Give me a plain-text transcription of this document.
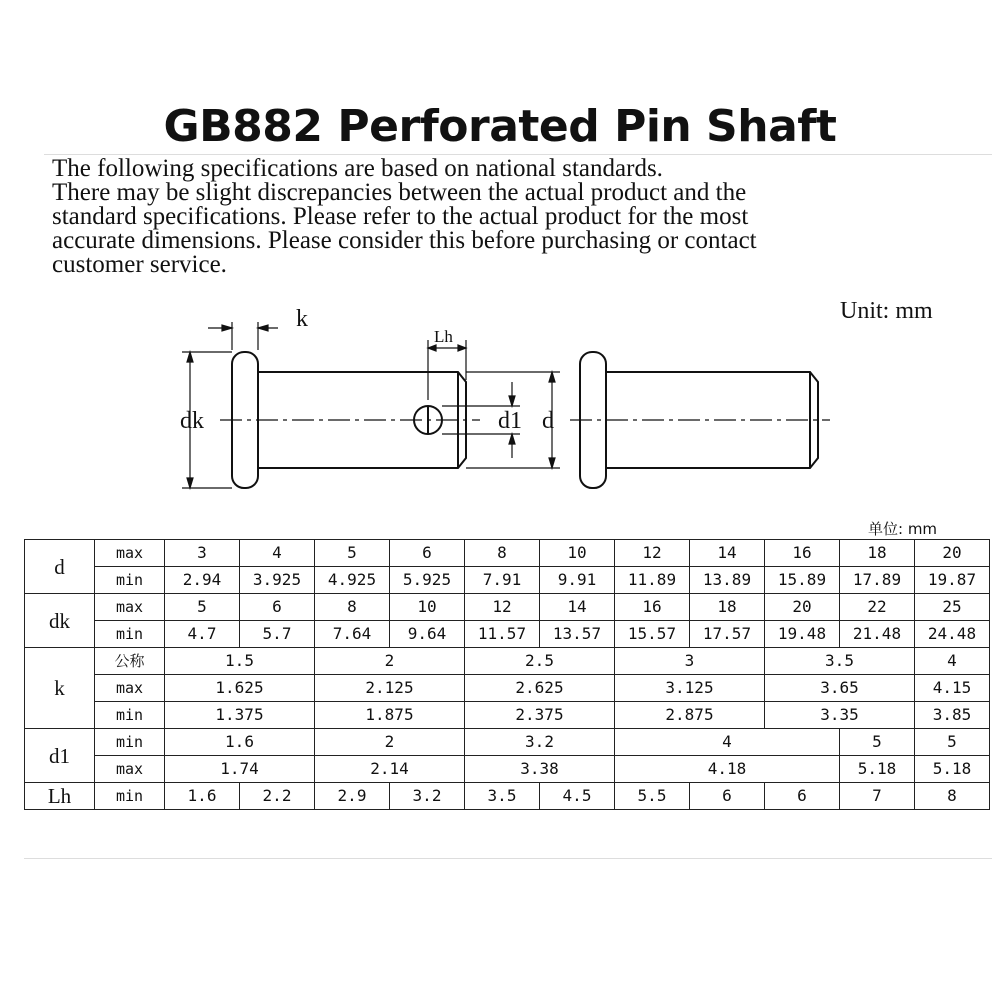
GB882 Perforated Pin Shaft
The following specifications are based on national standards.
There may be slight discrepancies between the actual product and the
standard specifications. Please refer to the actual product for the most
accurate dimensions. Please consider this before purchasing or contact
customer service.
Unit: mm
k
Lh
dk	d1 d
单位: mm
d	max	3	4	5	6	8	10	12	14	16	18	20
	min	2.94	3.925	4.925	5.925	7.91	9.91	11.89	13.89	15.89	17.89	19.87
dk	max	5	6	8	10	12	14	16	18	20	22	25
	min	4.7	5.7	7.64	9.64	11.57	13.57	15.57	17.57	19.48	21.48	24.48
k	公称	1.5		2		2.5		3		3.5		4
	max	1.625		2.125		2.625		3.125		3.65		4.15
	min	1.375		1.875		2.375		2.875		3.35		3.85
d1	min	1.6		2		3.2		4			5	5
	max	1.74		2.14		3.38		4.18			5.18	5.18
Lh	min	1.6	2.2	2.9	3.2	3.5	4.5	5.5	6	6	7	8
